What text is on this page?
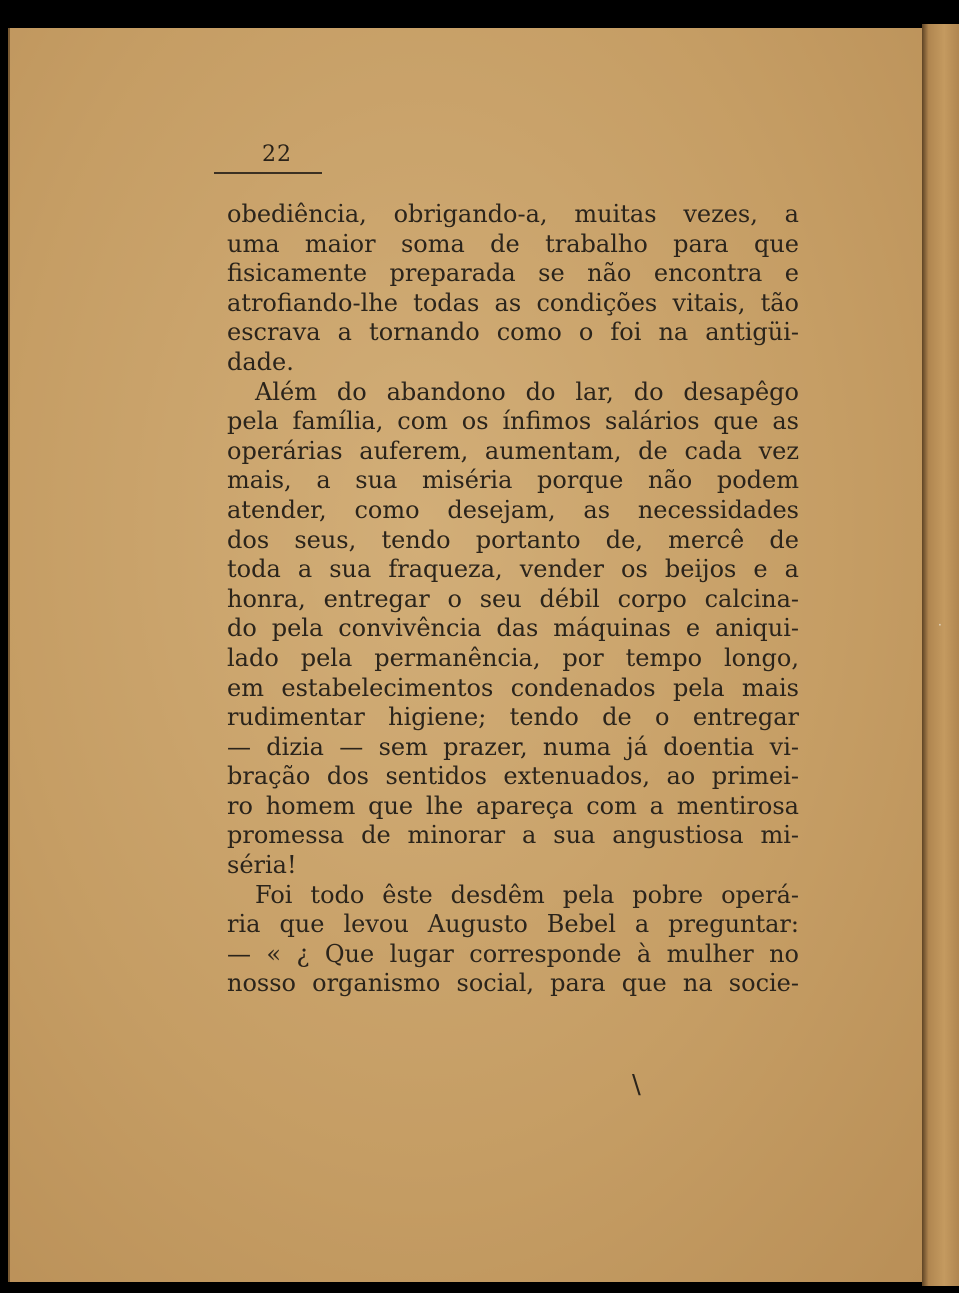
22
obediência, obrigando-a, muitas vezes, a
uma maior soma de trabalho para que
fisicamente preparada se não encontra e
atrofiando-lhe todas as condições vitais, tão
escrava a tornando como o foi na antigüi-
dade.
Além do abandono do lar, do desapêgo
pela família, com os ínfimos salários que as
operárias auferem, aumentam, de cada vez
mais, a sua miséria porque não podem
atender, como desejam, as necessidades
dos seus, tendo portanto de, mercê de
toda a sua fraqueza, vender os beijos e a
honra, entregar o seu débil corpo calcina-
do pela convivência das máquinas e aniqui-
lado pela permanência, por tempo longo,
em estabelecimentos condenados pela mais
rudimentar higiene; tendo de o entregar
— dizia — sem prazer, numa já doentia vi-
bração dos sentidos extenuados, ao primei-
ro homem que lhe apareça com a mentirosa
promessa de minorar a sua angustiosa mi-
séria!
Foi todo êste desdêm pela pobre operá-
ria que levou Augusto Bebel a preguntar:
— « ¿ Que lugar corresponde à mulher no
nosso organismo social, para que na socie-
\
·
